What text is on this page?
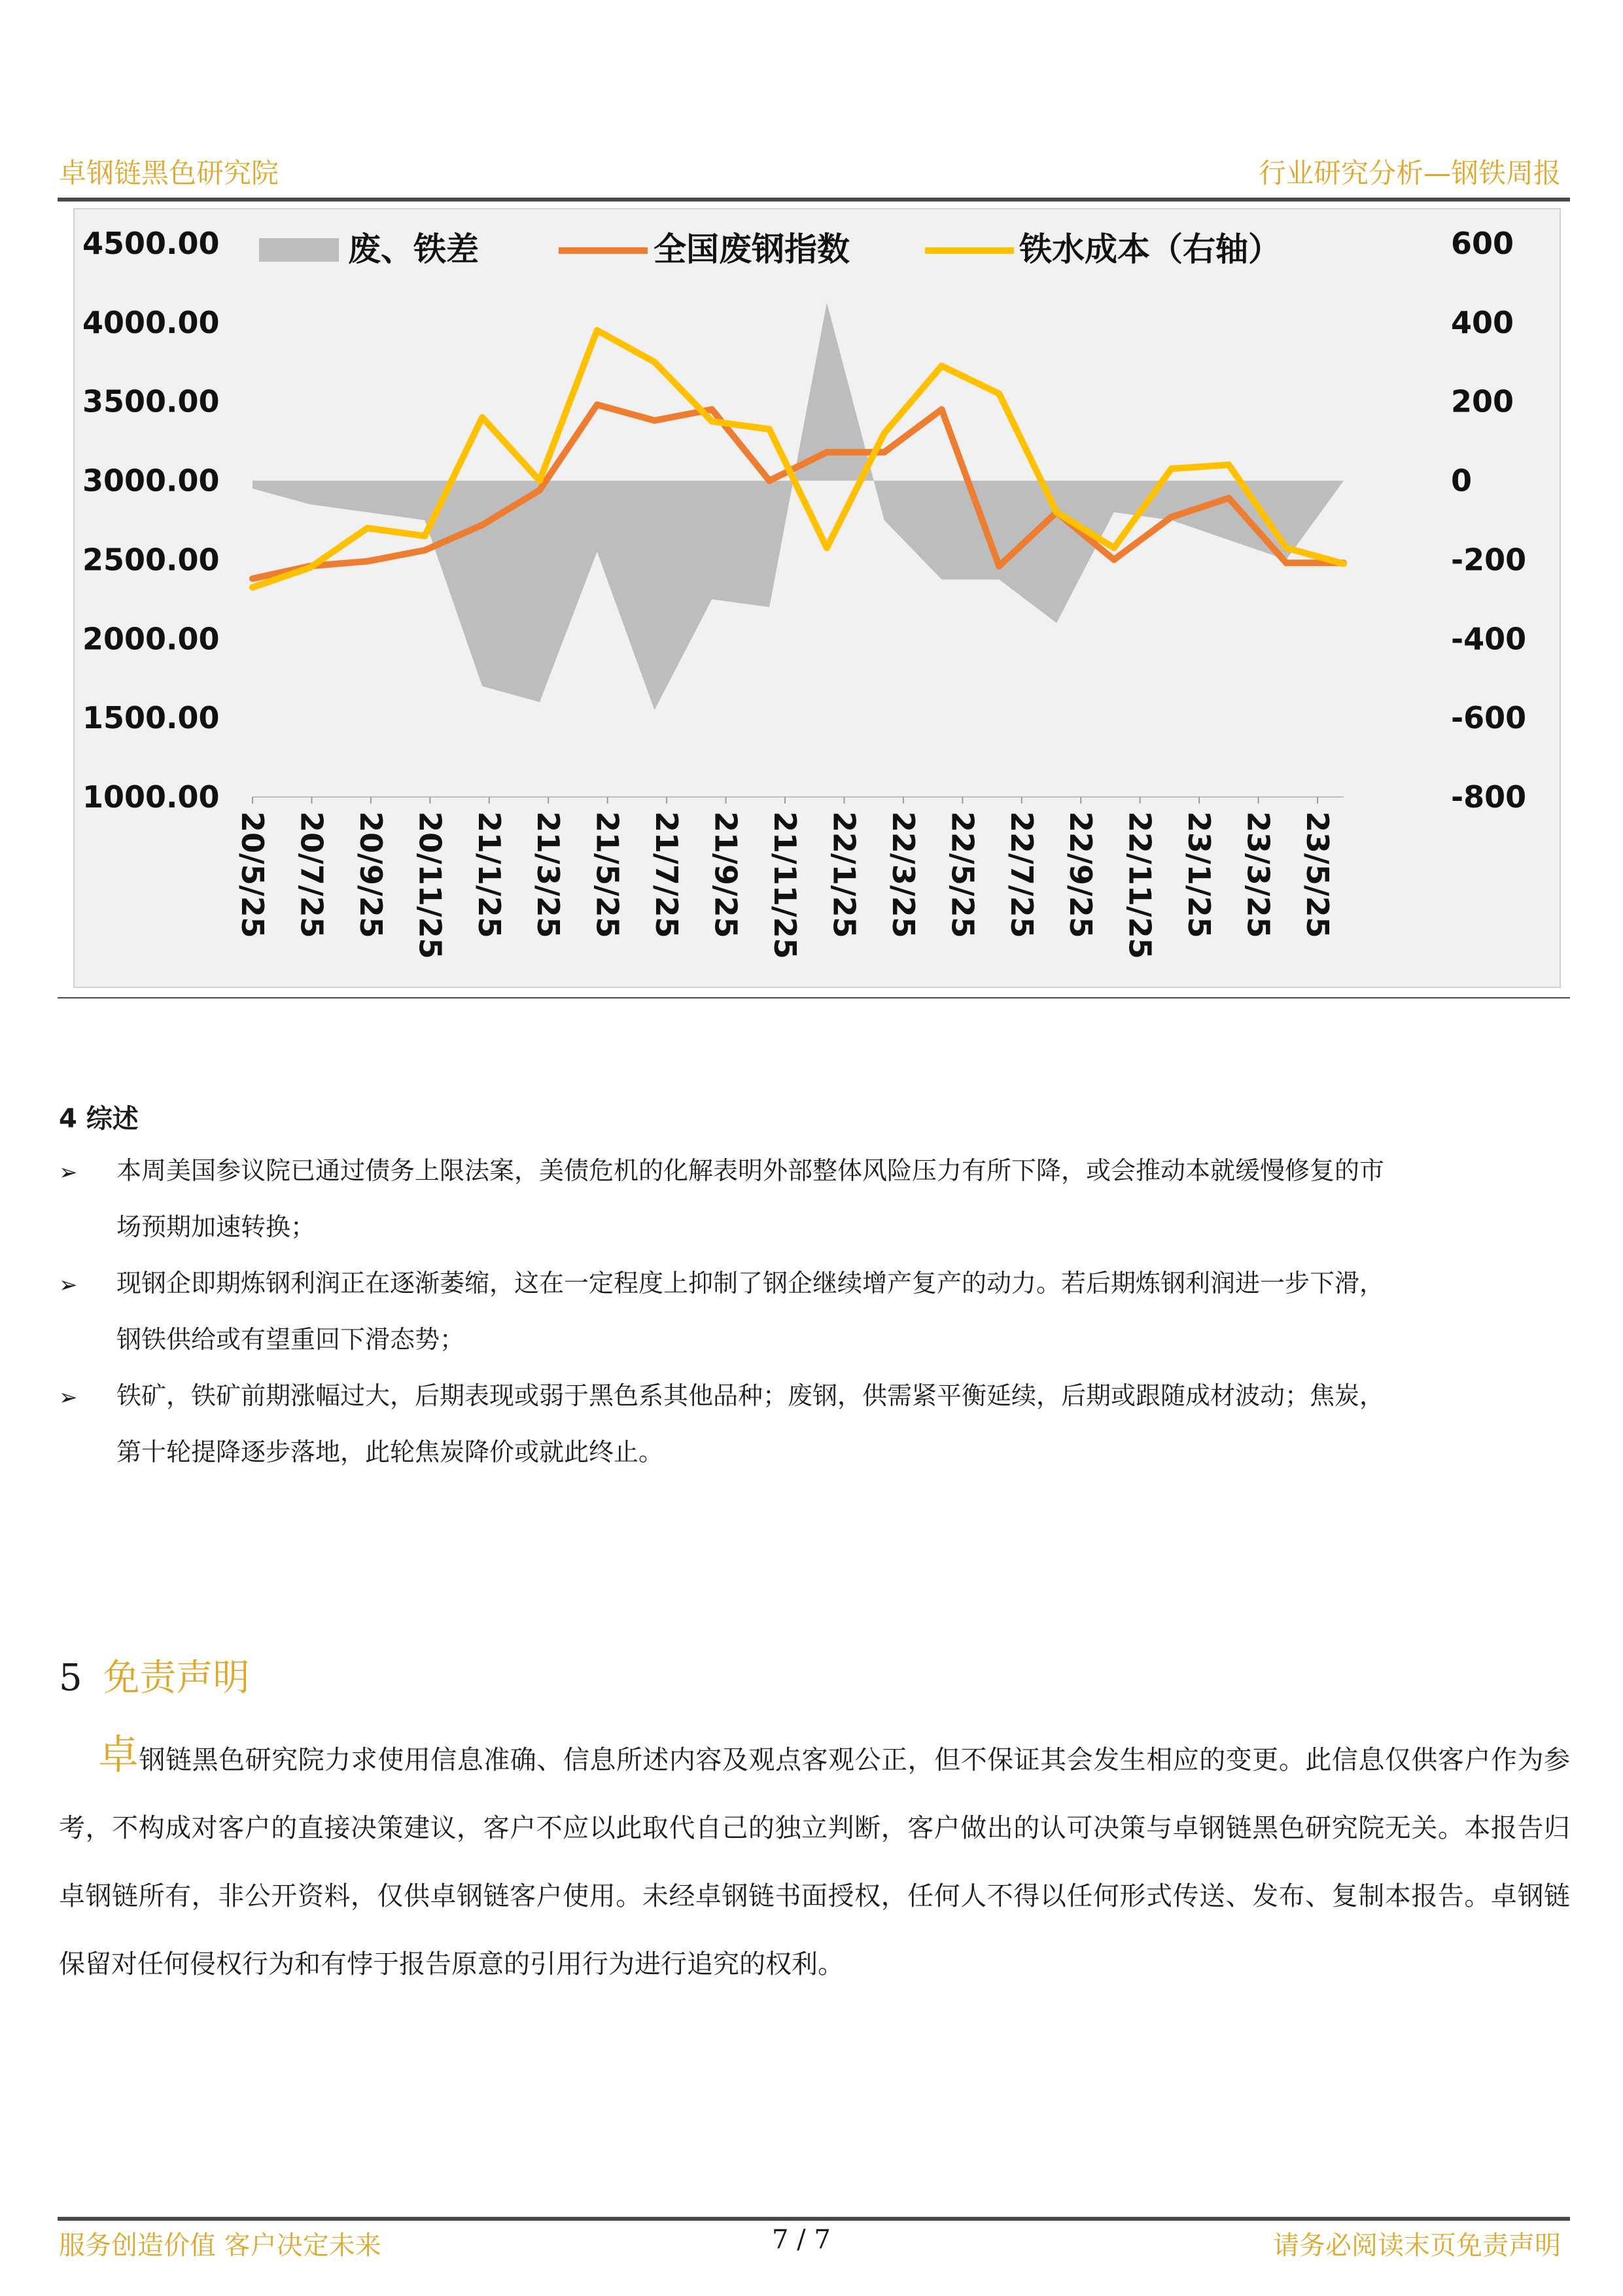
卓钢链黑色研究院	行业研究分析—钢铁周报
废、铁差	全国废钢指数	铁水成本（右轴）
4500.00
4000.00
3500.00
3000.00
2500.00
2000.00
1500.00
1000.00
600
400
200
0
-200
-400
-600
-800
20/5/25 20/7/25 20/9/25 20/11/25 21/1/25 21/3/25 21/5/25 21/7/25 21/9/25 21/11/25 22/1/25 22/3/25 22/5/25 22/7/25 22/9/25 22/11/25 23/1/25 23/3/25 23/5/25
4 综述
➢ 本周美国参议院已通过债务上限法案，美债危机的化解表明外部整体风险压力有所下降，或会推动本就缓慢修复的市
场预期加速转换；
➢ 现钢企即期炼钢利润正在逐渐萎缩，这在一定程度上抑制了钢企继续增产复产的动力。若后期炼钢利润进一步下滑，
钢铁供给或有望重回下滑态势；
➢ 铁矿，铁矿前期涨幅过大，后期表现或弱于黑色系其他品种；废钢，供需紧平衡延续，后期或跟随成材波动；焦炭，
第十轮提降逐步落地，此轮焦炭降价或就此终止。
5 免责声明
卓钢链黑色研究院力求使用信息准确、信息所述内容及观点客观公正，但不保证其会发生相应的变更。此信息仅供客户作为参考，不构成对客户的直接决策建议，客户不应以此取代自己的独立判断，客户做出的认可决策与卓钢链黑色研究院无关。本报告归卓钢链所有，非公开资料，仅供卓钢链客户使用。未经卓钢链书面授权，任何人不得以任何形式传送、发布、复制本报告。卓钢链保留对任何侵权行为和有悖于报告原意的引用行为进行追究的权利。
服务创造价值 客户决定未来	7 / 7	请务必阅读末页免责声明
